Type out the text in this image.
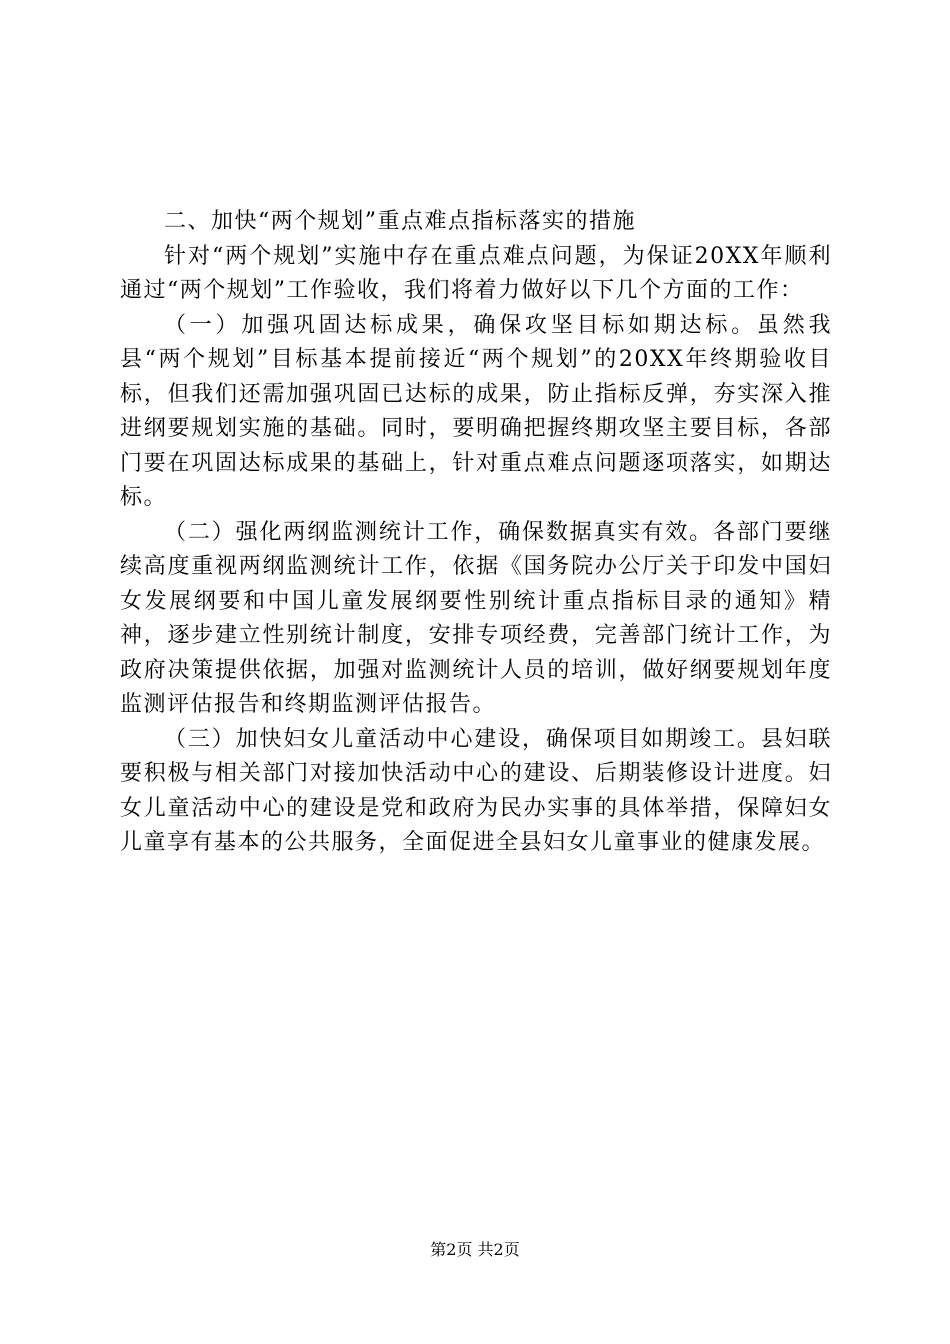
二、加快“两个规划”重点难点指标落实的措施

针对“两个规划”实施中存在重点难点问题，为保证20XX年顺利通过“两个规划”工作验收，我们将着力做好以下几个方面的工作：

（一）加强巩固达标成果，确保攻坚目标如期达标。虽然我县“两个规划”目标基本提前接近“两个规划”的20XX年终期验收目标，但我们还需加强巩固已达标的成果，防止指标反弹，夯实深入推进纲要规划实施的基础。同时，要明确把握终期攻坚主要目标，各部门要在巩固达标成果的基础上，针对重点难点问题逐项落实，如期达标。

（二）强化两纲监测统计工作，确保数据真实有效。各部门要继续高度重视两纲监测统计工作，依据《国务院办公厅关于印发中国妇女发展纲要和中国儿童发展纲要性别统计重点指标目录的通知》精神，逐步建立性别统计制度，安排专项经费，完善部门统计工作，为政府决策提供依据，加强对监测统计人员的培训，做好纲要规划年度监测评估报告和终期监测评估报告。

（三）加快妇女儿童活动中心建设，确保项目如期竣工。县妇联要积极与相关部门对接加快活动中心的建设、后期装修设计进度。妇女儿童活动中心的建设是党和政府为民办实事的具体举措，保障妇女儿童享有基本的公共服务，全面促进全县妇女儿童事业的健康发展。

第2页 共2页
